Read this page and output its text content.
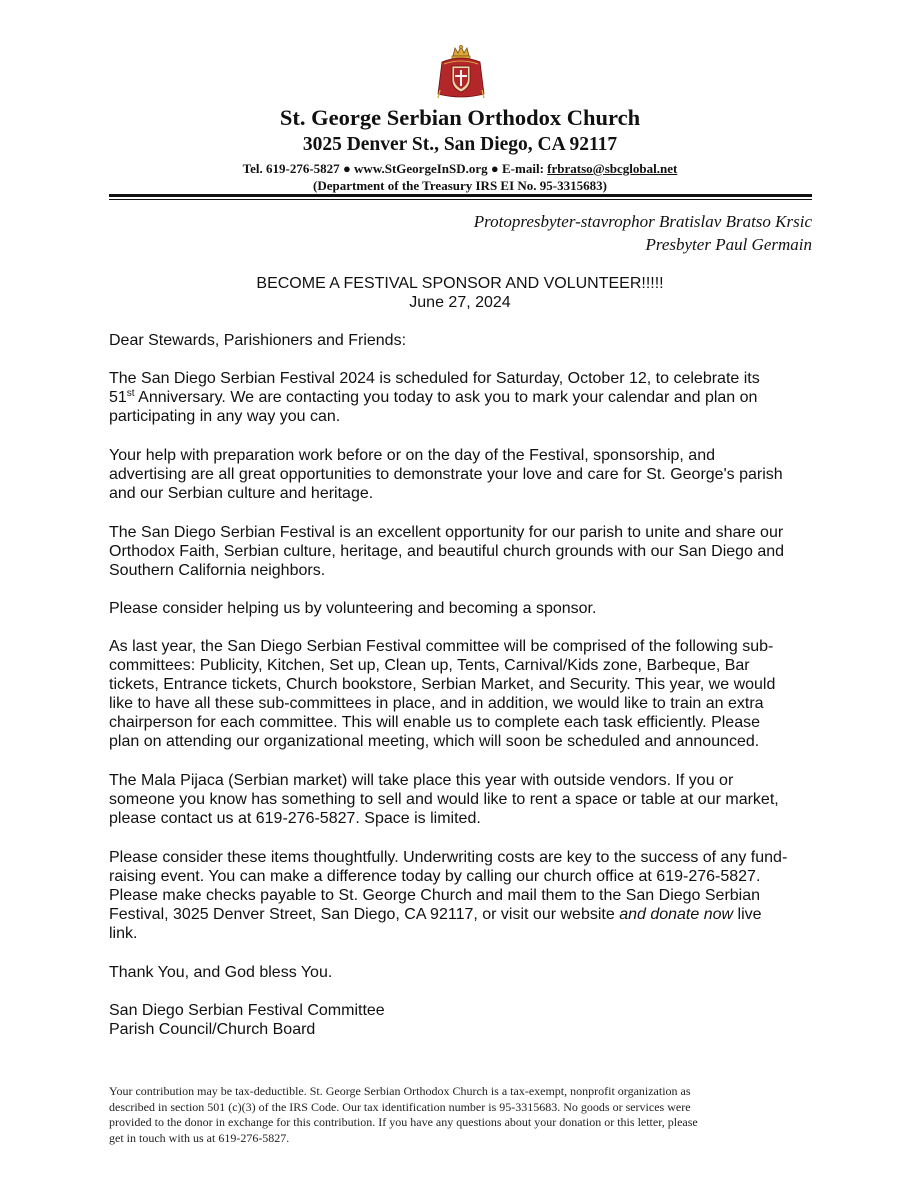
St. George Serbian Orthodox Church
3025 Denver St., San Diego, CA 92117
Tel. 619-276-5827 ● www.StGeorgeInSD.org ● E-mail: frbratso@sbcglobal.net
(Department of the Treasury IRS EI No. 95-3315683)
Protopresbyter-stavrophor Bratislav Bratso Krsic
Presbyter Paul Germain
BECOME A FESTIVAL SPONSOR AND VOLUNTEER!!!!!
June 27, 2024
Dear Stewards, Parishioners and Friends:
The San Diego Serbian Festival 2024 is scheduled for Saturday, October 12, to celebrate its
51st Anniversary. We are contacting you today to ask you to mark your calendar and plan on
participating in any way you can.
Your help with preparation work before or on the day of the Festival, sponsorship, and
advertising are all great opportunities to demonstrate your love and care for St. George's parish
and our Serbian culture and heritage.
The San Diego Serbian Festival is an excellent opportunity for our parish to unite and share our
Orthodox Faith, Serbian culture, heritage, and beautiful church grounds with our San Diego and
Southern California neighbors.
Please consider helping us by volunteering and becoming a sponsor.
As last year, the San Diego Serbian Festival committee will be comprised of the following sub-
committees: Publicity, Kitchen, Set up, Clean up, Tents, Carnival/Kids zone, Barbeque, Bar
tickets, Entrance tickets, Church bookstore, Serbian Market, and Security. This year, we would
like to have all these sub-committees in place, and in addition, we would like to train an extra
chairperson for each committee. This will enable us to complete each task efficiently. Please
plan on attending our organizational meeting, which will soon be scheduled and announced.
The Mala Pijaca (Serbian market) will take place this year with outside vendors. If you or
someone you know has something to sell and would like to rent a space or table at our market,
please contact us at 619-276-5827. Space is limited.
Please consider these items thoughtfully. Underwriting costs are key to the success of any fund-
raising event. You can make a difference today by calling our church office at 619-276-5827.
Please make checks payable to St. George Church and mail them to the San Diego Serbian
Festival, 3025 Denver Street, San Diego, CA 92117, or visit our website and donate now live
link.
Thank You, and God bless You.
San Diego Serbian Festival Committee
Parish Council/Church Board
Your contribution may be tax-deductible. St. George Serbian Orthodox Church is a tax-exempt, nonprofit organization as
described in section 501 (c)(3) of the IRS Code. Our tax identification number is 95-3315683. No goods or services were
provided to the donor in exchange for this contribution. If you have any questions about your donation or this letter, please
get in touch with us at 619-276-5827.
